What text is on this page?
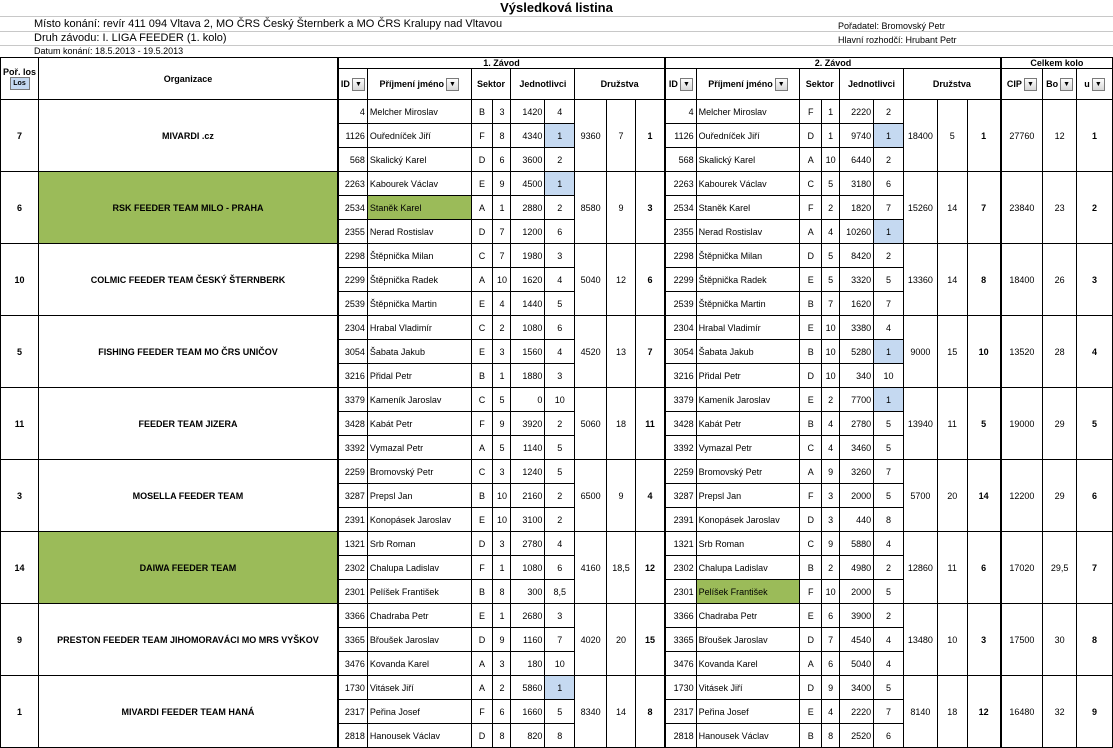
Výsledková listina
Místo konání: revír 411 094 Vltava 2, MO ČRS Český Šternberk a MO ČRS Kralupy nad Vltavou	Pořadatel: Bromovský Petr
Druh závodu: I. LIGA FEEDER (1. kolo)	Hlavní rozhodčí: Hrubant Petr
Datum konání: 18.5.2013 - 19.5.2013
Poř. los
Los	Organizace	1. Závod									2. Závod									Celkem kolo		
		ID ▼	Příjmení jméno ▼	Sektor		Jednotlivci		Družstva			ID ▼	Příjmení jméno ▼	Sektor		Jednotlivci		Družstva			CIP ▼	Bo ▼	u ▼
7	MIVARDI .cz	4	Melcher Miroslav	B	3	1420	4	9360	7	1	4	Melcher Miroslav	F	1	2220	2	18400	5	1	27760	12	1
		1126	Ouředníček Jiří	F	8	4340	1				1126	Ouředníček Jiří	D	1	9740	1						
		568	Skalický Karel	D	6	3600	2				568	Skalický Karel	A	10	6440	2						
6	RSK FEEDER TEAM MILO - PRAHA	2263	Kabourek Václav	E	9	4500	1	8580	9	3	2263	Kabourek Václav	C	5	3180	6	15260	14	7	23840	23	2
		2534	Staněk Karel	A	1	2880	2				2534	Staněk Karel	F	2	1820	7						
		2355	Nerad Rostislav	D	7	1200	6				2355	Nerad Rostislav	A	4	10260	1						
10	COLMIC FEEDER TEAM ČESKÝ ŠTERNBERK	2298	Štěpnička Milan	C	7	1980	3	5040	12	6	2298	Štěpnička Milan	D	5	8420	2	13360	14	8	18400	26	3
		2299	Štěpnička Radek	A	10	1620	4				2299	Štěpnička Radek	E	5	3320	5						
		2539	Štěpnička Martin	E	4	1440	5				2539	Štěpnička Martin	B	7	1620	7						
5	FISHING FEEDER TEAM MO ČRS UNIČOV	2304	Hrabal Vladimír	C	2	1080	6	4520	13	7	2304	Hrabal Vladimír	E	10	3380	4	9000	15	10	13520	28	4
		3054	Šabata Jakub	E	3	1560	4				3054	Šabata Jakub	B	10	5280	1						
		3216	Přidal Petr	B	1	1880	3				3216	Přidal Petr	D	10	340	10						
11	FEEDER TEAM JIZERA	3379	Kameník Jaroslav	C	5	0	10	5060	18	11	3379	Kameník Jaroslav	E	2	7700	1	13940	11	5	19000	29	5
		3428	Kabát Petr	F	9	3920	2				3428	Kabát Petr	B	4	2780	5						
		3392	Vymazal Petr	A	5	1140	5				3392	Vymazal Petr	C	4	3460	5						
3	MOSELLA FEEDER TEAM	2259	Bromovský Petr	C	3	1240	5	6500	9	4	2259	Bromovský Petr	A	9	3260	7	5700	20	14	12200	29	6
		3287	Prepsl Jan	B	10	2160	2				3287	Prepsl Jan	F	3	2000	5						
		2391	Konopásek Jaroslav	E	10	3100	2				2391	Konopásek Jaroslav	D	3	440	8						
14	DAIWA FEEDER TEAM	1321	Srb Roman	D	3	2780	4	4160	18,5	12	1321	Srb Roman	C	9	5880	4	12860	11	6	17020	29,5	7
		2302	Chalupa Ladislav	F	1	1080	6				2302	Chalupa Ladislav	B	2	4980	2						
		2301	Pelíšek František	B	8	300	8,5				2301	Pelíšek František	F	10	2000	5						
9	PRESTON FEEDER TEAM JIHOMORAVÁCI MO MRS VYŠKOV	3366	Chadraba Petr	E	1	2680	3	4020	20	15	3366	Chadraba Petr	E	6	3900	2	13480	10	3	17500	30	8
		3365	Břoušek Jaroslav	D	9	1160	7				3365	Břoušek Jaroslav	D	7	4540	4						
		3476	Kovanda Karel	A	3	180	10				3476	Kovanda Karel	A	6	5040	4						
1	MIVARDI FEEDER TEAM HANÁ	1730	Vitásek Jiří	A	2	5860	1	8340	14	8	1730	Vitásek Jiří	D	9	3400	5	8140	18	12	16480	32	9
		2317	Peřina Josef	F	6	1660	5				2317	Peřina Josef	E	4	2220	7						
		2818	Hanousek Václav	D	8	820	8				2818	Hanousek Václav	B	8	2520	6						
